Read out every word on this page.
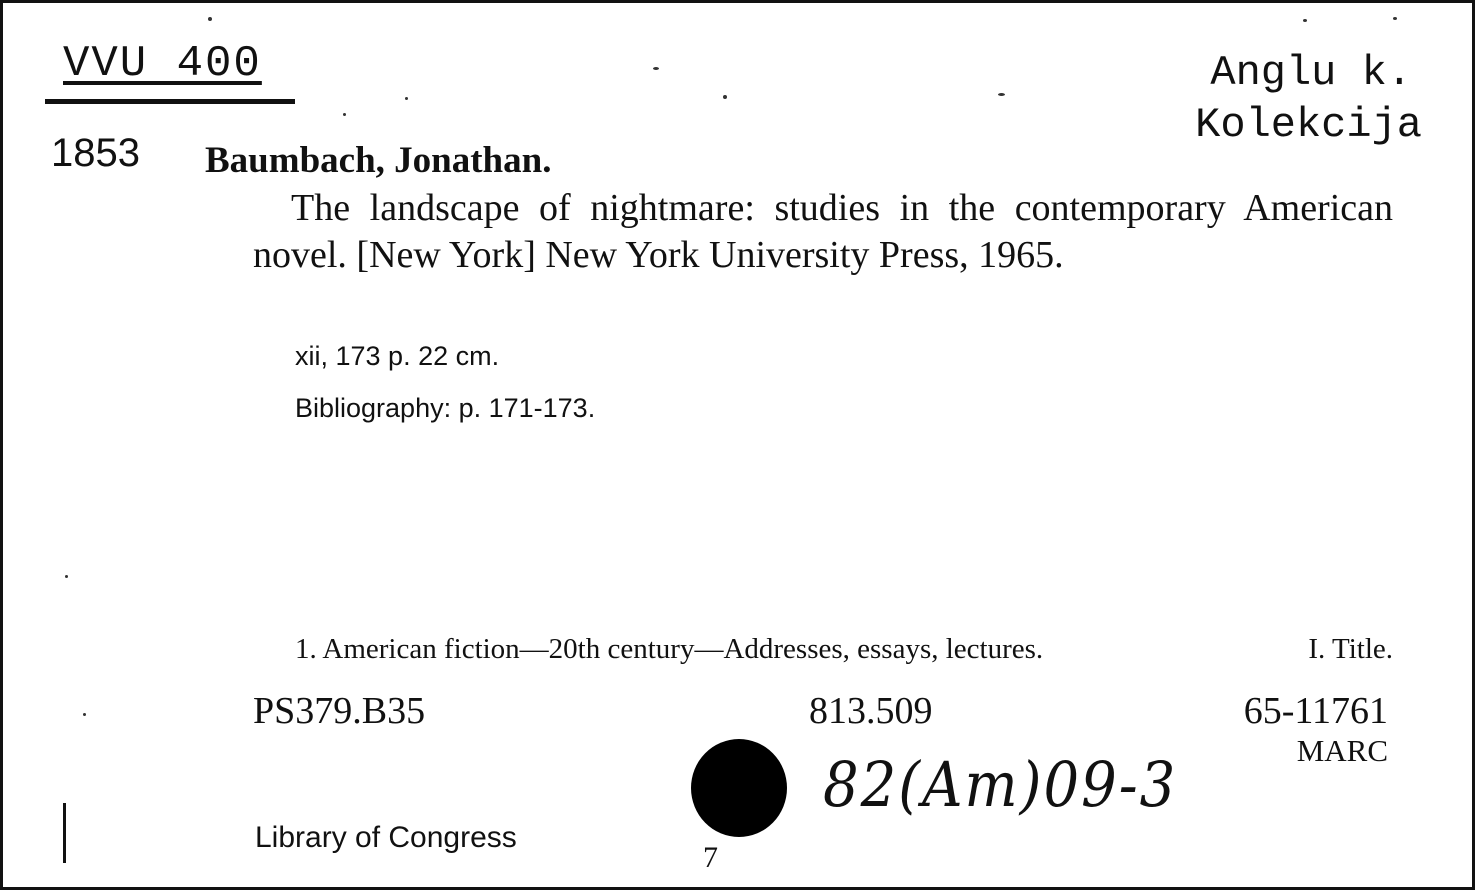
VVU 400
1853
Anglu k.
Kolekcija
Baumbach, Jonathan.
The landscape of nightmare: studies in the contemporary American novel. [New York] New York University Press, 1965.
xii, 173 p. 22 cm.
Bibliography: p. 171-173.
1. American fiction—20th century—Addresses, essays, lectures.	I. Title.
PS379.B35	813.509	65-11761
MARC
82(Am)09-3
7
Library of Congress
